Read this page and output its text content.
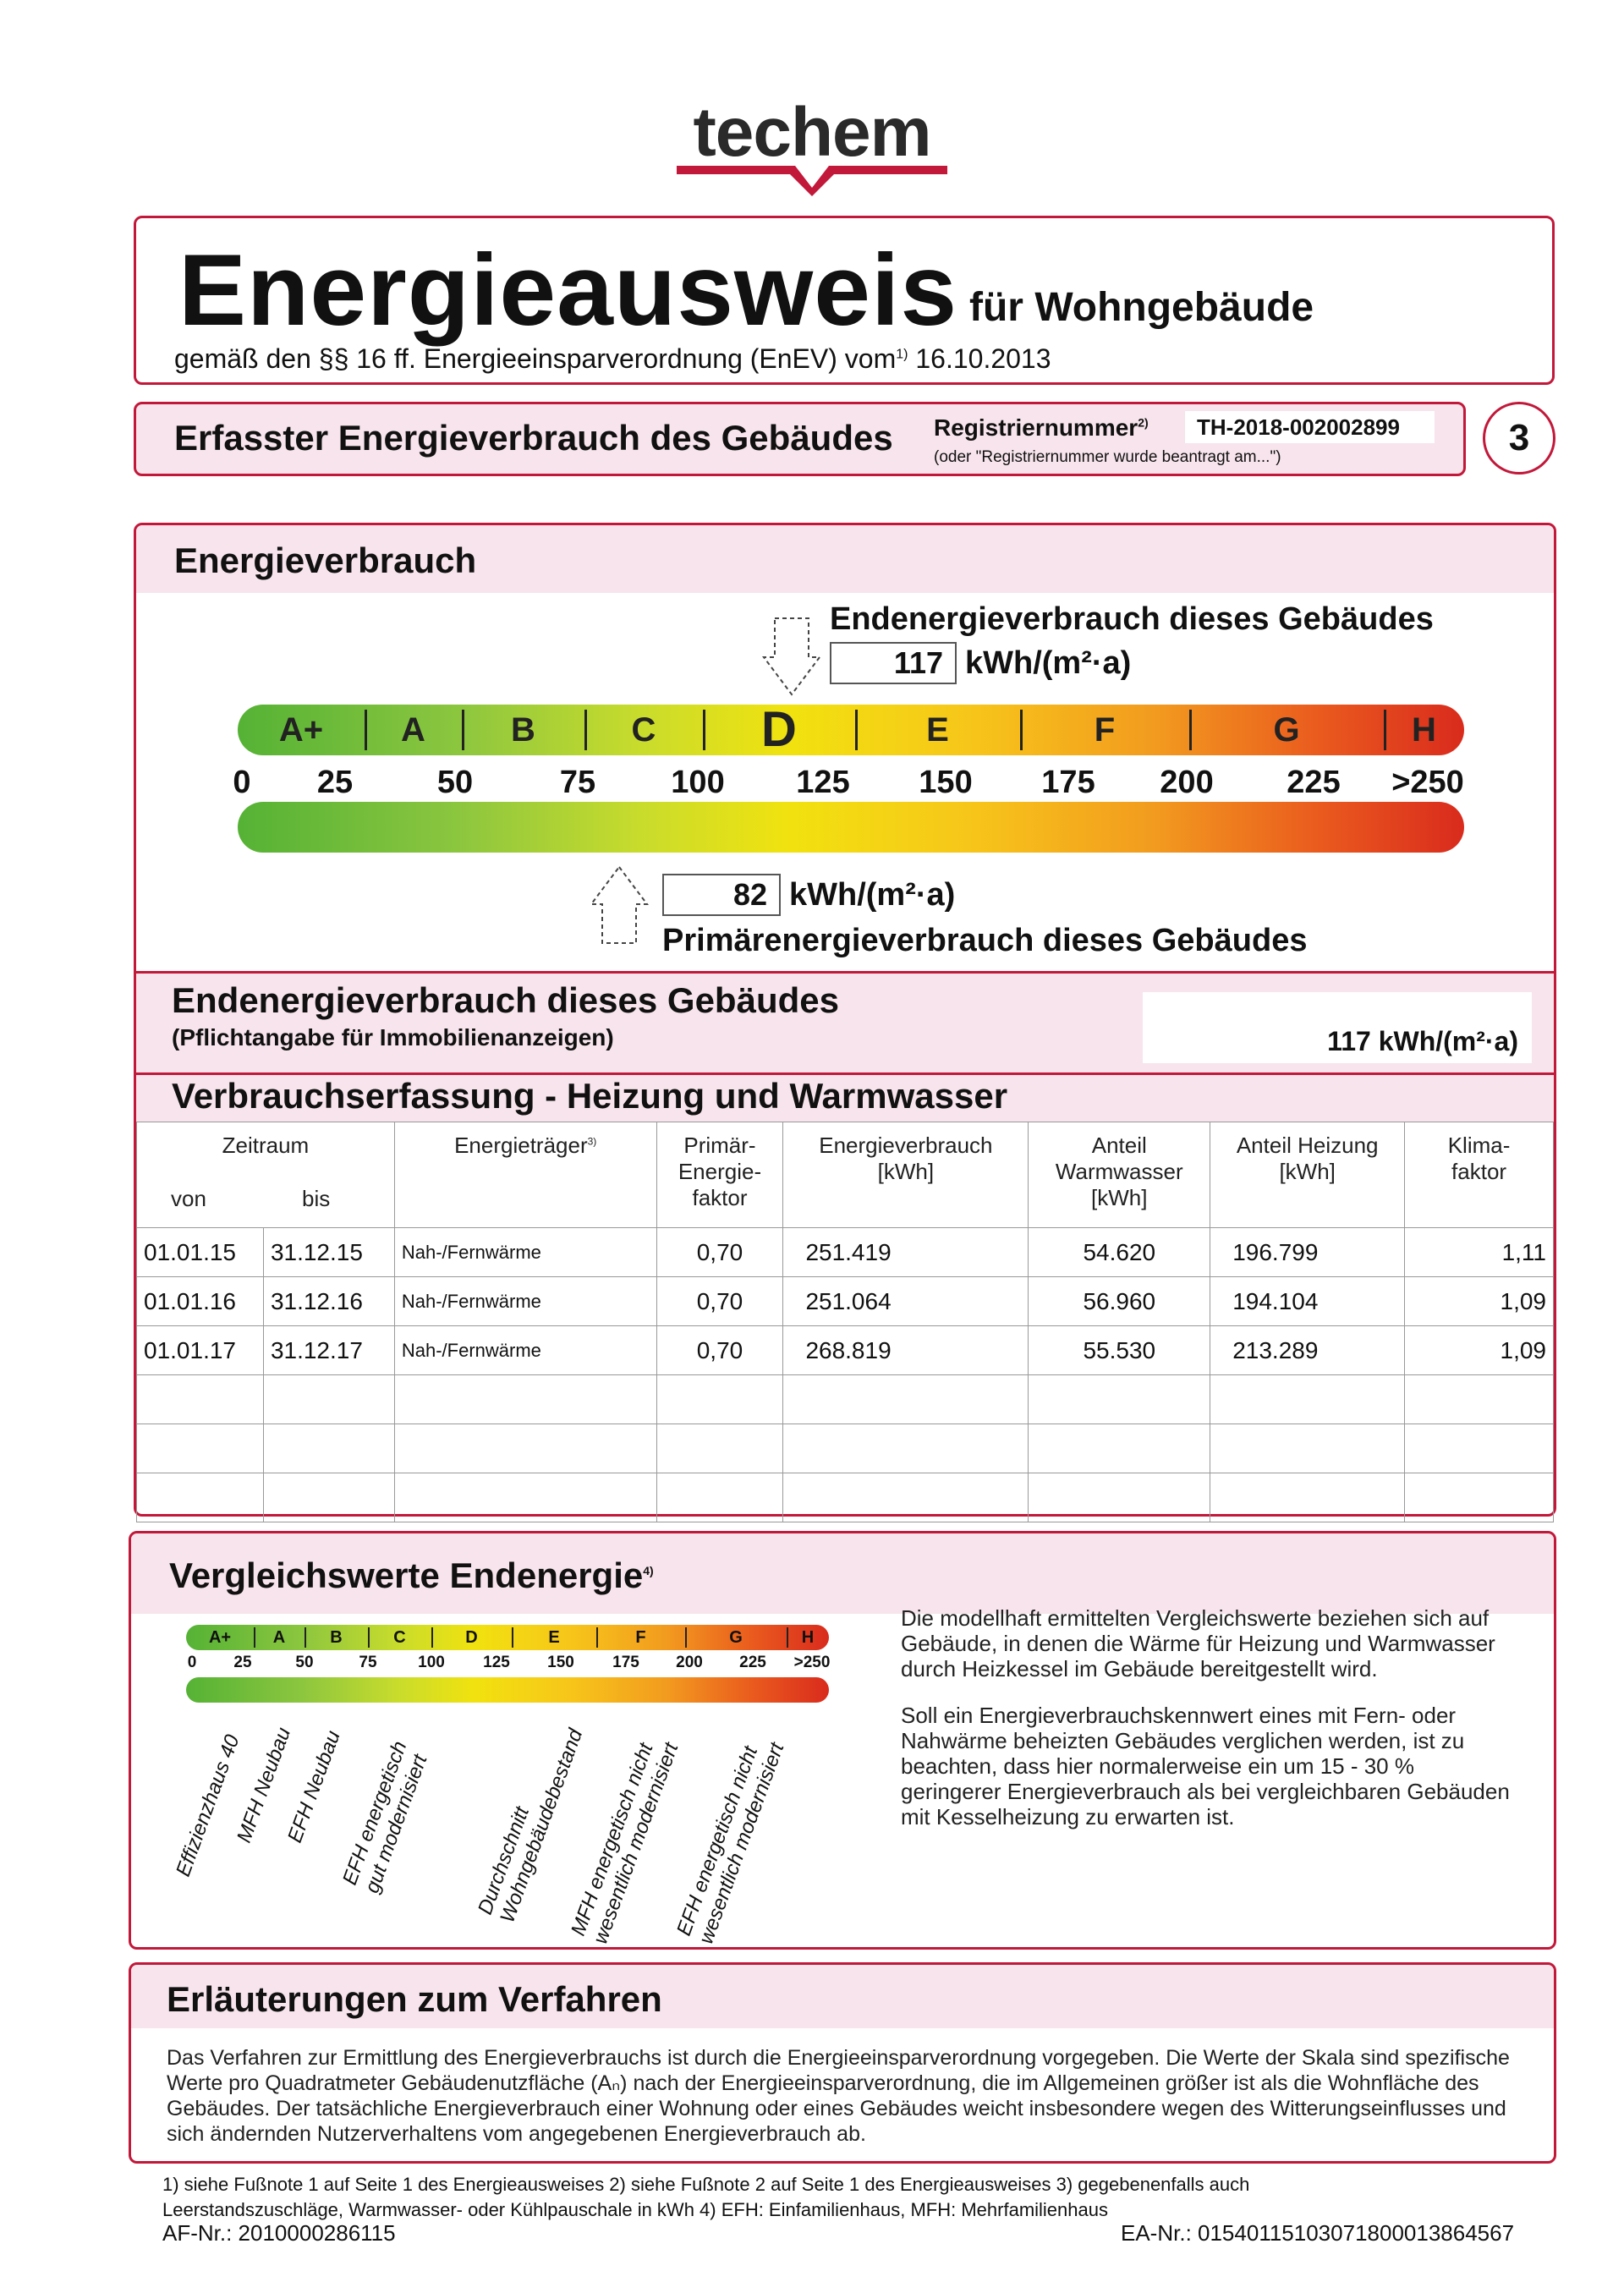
techem
Energieausweis für Wohngebäude
gemäß den §§ 16 ff. Energieeinsparverordnung (EnEV) vom$^{1)}$ 16.10.2013
Erfasster Energieverbrauch des Gebäudes Registriernummer$^{2)}$	TH-2018-002002899
(oder "Registriernummer wurde beantragt am...")	3
Energieverbrauch
Endenergieverbrauch dieses Gebäudes
117 kWh/(m²·a)
A+	A	B	C	D	E	F	G	H
0	25	50	75	100	125	150	175	200	225	>250
82 kWh/(m²·a)
Primärenergieverbrauch dieses Gebäudes
Endenergieverbrauch dieses Gebäudes
(Pflichtangabe für Immobilienanzeigen)	117 kWh/(m²·a)
Verbrauchserfassung - Heizung und Warmwasser
Zeitraum
von bis		Energieträger$^{3)}$	Primär- Energie- faktor	Energieverbrauch [kWh]	Anteil Warmwasser [kWh]	Anteil Heizung [kWh]	Klima- faktor

01.01.15	31.12.15	Nah-/Fernwärme	0,70	251.419	54.620	196.799	1,11
01.01.16	31.12.16	Nah-/Fernwärme	0,70	251.064	56.960	194.104	1,09
01.01.17	31.12.17	Nah-/Fernwärme	0,70	268.819	55.530	213.289	1,09

Vergleichswerte Endenergie$^{4)}$
A+	A	B	C	D	E	F	G	H
0	25	50	75	100	125	150	175	200	225	>250
Effizienzhaus 40
MFH Neubau
EFH Neubau
EFH energetisch gut modernisiert Durchschnitt Wohngebäudebestand
MFH energetisch nicht wesentlich modernisiert
EFH energetisch nicht wesentlich modernisiert
Die modellhaft ermittelten Vergleichswerte beziehen sich auf Gebäude, in denen die Wärme für Heizung und Warmwasser durch Heizkessel im Gebäude bereitgestellt wird.
Soll ein Energieverbrauchskennwert eines mit Fern- oder Nahwärme beheizten Gebäudes verglichen werden, ist zu beachten, dass hier normalerweise ein um 15 - 30 % geringerer Energieverbrauch als bei vergleichbaren Gebäuden mit Kesselheizung zu erwarten ist.
Erläuterungen zum Verfahren
Das Verfahren zur Ermittlung des Energieverbrauchs ist durch die Energieeinsparverordnung vorgegeben. Die Werte der Skala sind spezifische Werte pro Quadratmeter Gebäudenutzfläche (Aₙ) nach der Energieeinsparverordnung, die im Allgemeinen größer ist als die Wohnfläche des Gebäudes. Der tatsächliche Energieverbrauch einer Wohnung oder eines Gebäudes weicht insbesondere wegen des Witterungseinflusses und sich ändernden Nutzerverhaltens vom angegebenen Energieverbrauch ab.
1) siehe Fußnote 1 auf Seite 1 des Energieausweises 2) siehe Fußnote 2 auf Seite 1 des Energieausweises 3) gegebenenfalls auch Leerstandszuschläge, Warmwasser- oder Kühlpauschale in kWh 4) EFH: Einfamilienhaus, MFH: Mehrfamilienhaus
AF-Nr.: 2010000286115	EA-Nr.: 01540115103071800013864567
